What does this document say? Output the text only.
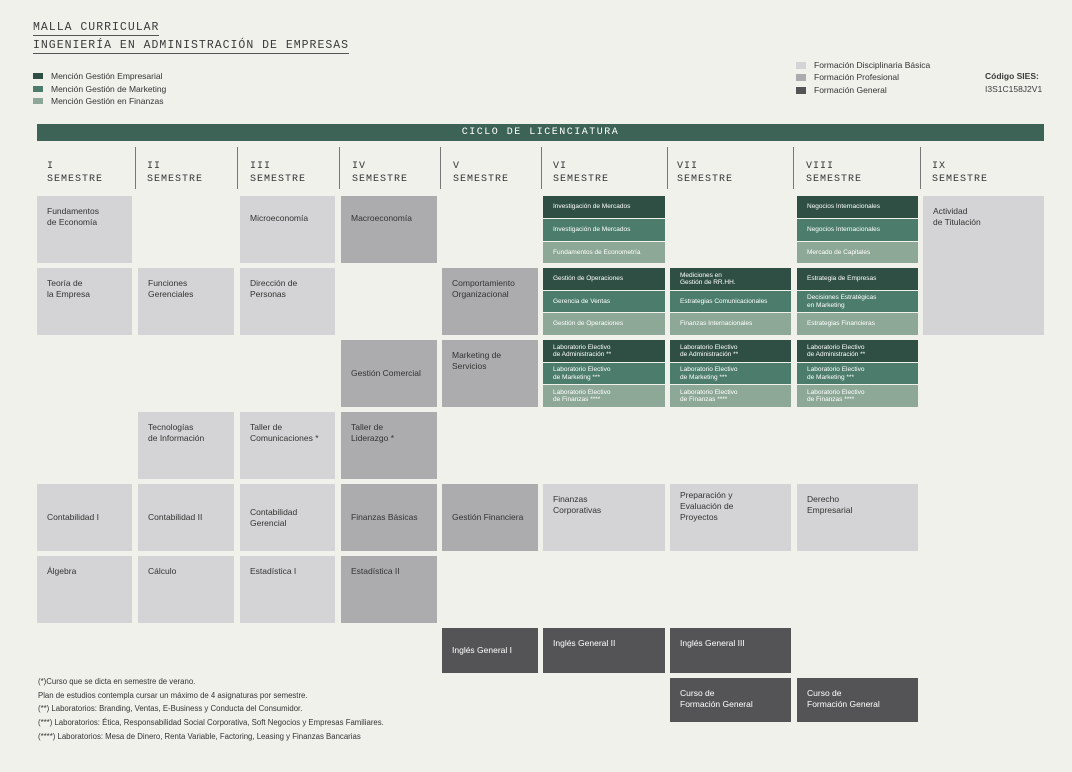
MALLA CURRICULAR
INGENIERÍA EN ADMINISTRACIÓN DE EMPRESAS
Mención Gestión Empresarial
Mención Gestión de Marketing
Mención Gestión en Finanzas
Formación Disciplinaria Básica
Formación Profesional
Formación General
Código SIES:
I3S1C158J2V1
CICLO DE LICENCIATURA
I
SEMESTRE
II
SEMESTRE
III
SEMESTRE
IV
SEMESTRE
V
SEMESTRE
VI
SEMESTRE
VII
SEMESTRE
VIII
SEMESTRE
IX
SEMESTRE
Fundamentos
de Economía
Teoría de
la Empresa
Contabilidad I
Álgebra
Funciones
Gerenciales
Tecnologías
de Información
Contabilidad II
Cálculo
Microeconomía
Dirección de
Personas
Taller de
Comunicaciones *
Contabilidad
Gerencial
Estadística I
Macroeconomía
Gestión Comercial
Taller de
Liderazgo *
Finanzas Básicas
Estadística II
Comportamiento
Organizacional
Marketing de
Servicios
Gestión Financiera
Inglés General I
Investigación de Mercados
Investigación de Mercados
Fundamentos de Econometría
Gestión de Operaciones
Gerencia de Ventas
Gestión de Operaciones
Laboratorio Electivo
de Administración **
Laboratorio Electivo
de Marketing ***
Laboratorio Electivo
de Finanzas ****
Finanzas
Corporativas
Inglés General II
Mediciones en
Gestión de RR.HH.
Estrategias Comunicacionales
Finanzas Internacionales
Laboratorio Electivo
de Administración **
Laboratorio Electivo
de Marketing ***
Laboratorio Electivo
de Finanzas ****
Preparación y
Evaluación de
Proyectos
Inglés General III
Curso de
Formación General
Negocios Internacionales
Negocios Internacionales
Mercado de Capitales
Estrategia de Empresas
Decisiones Estratégicas
en Marketing
Estrategias Financieras
Laboratorio Electivo
de Administración **
Laboratorio Electivo
de Marketing ***
Laboratorio Electivo
de Finanzas ****
Derecho
Empresarial
Curso de
Formación General
Actividad
de Titulación
(*)Curso que se dicta en semestre de verano.
Plan de estudios contempla cursar un máximo de 4 asignaturas por semestre.
(**) Laboratorios: Branding, Ventas, E-Business y Conducta del Consumidor.
(***) Laboratorios: Ética, Responsabilidad Social Corporativa, Soft Negocios y Empresas Familiares.
(****) Laboratorios: Mesa de Dinero, Renta Variable, Factoring, Leasing y Finanzas Bancarias
